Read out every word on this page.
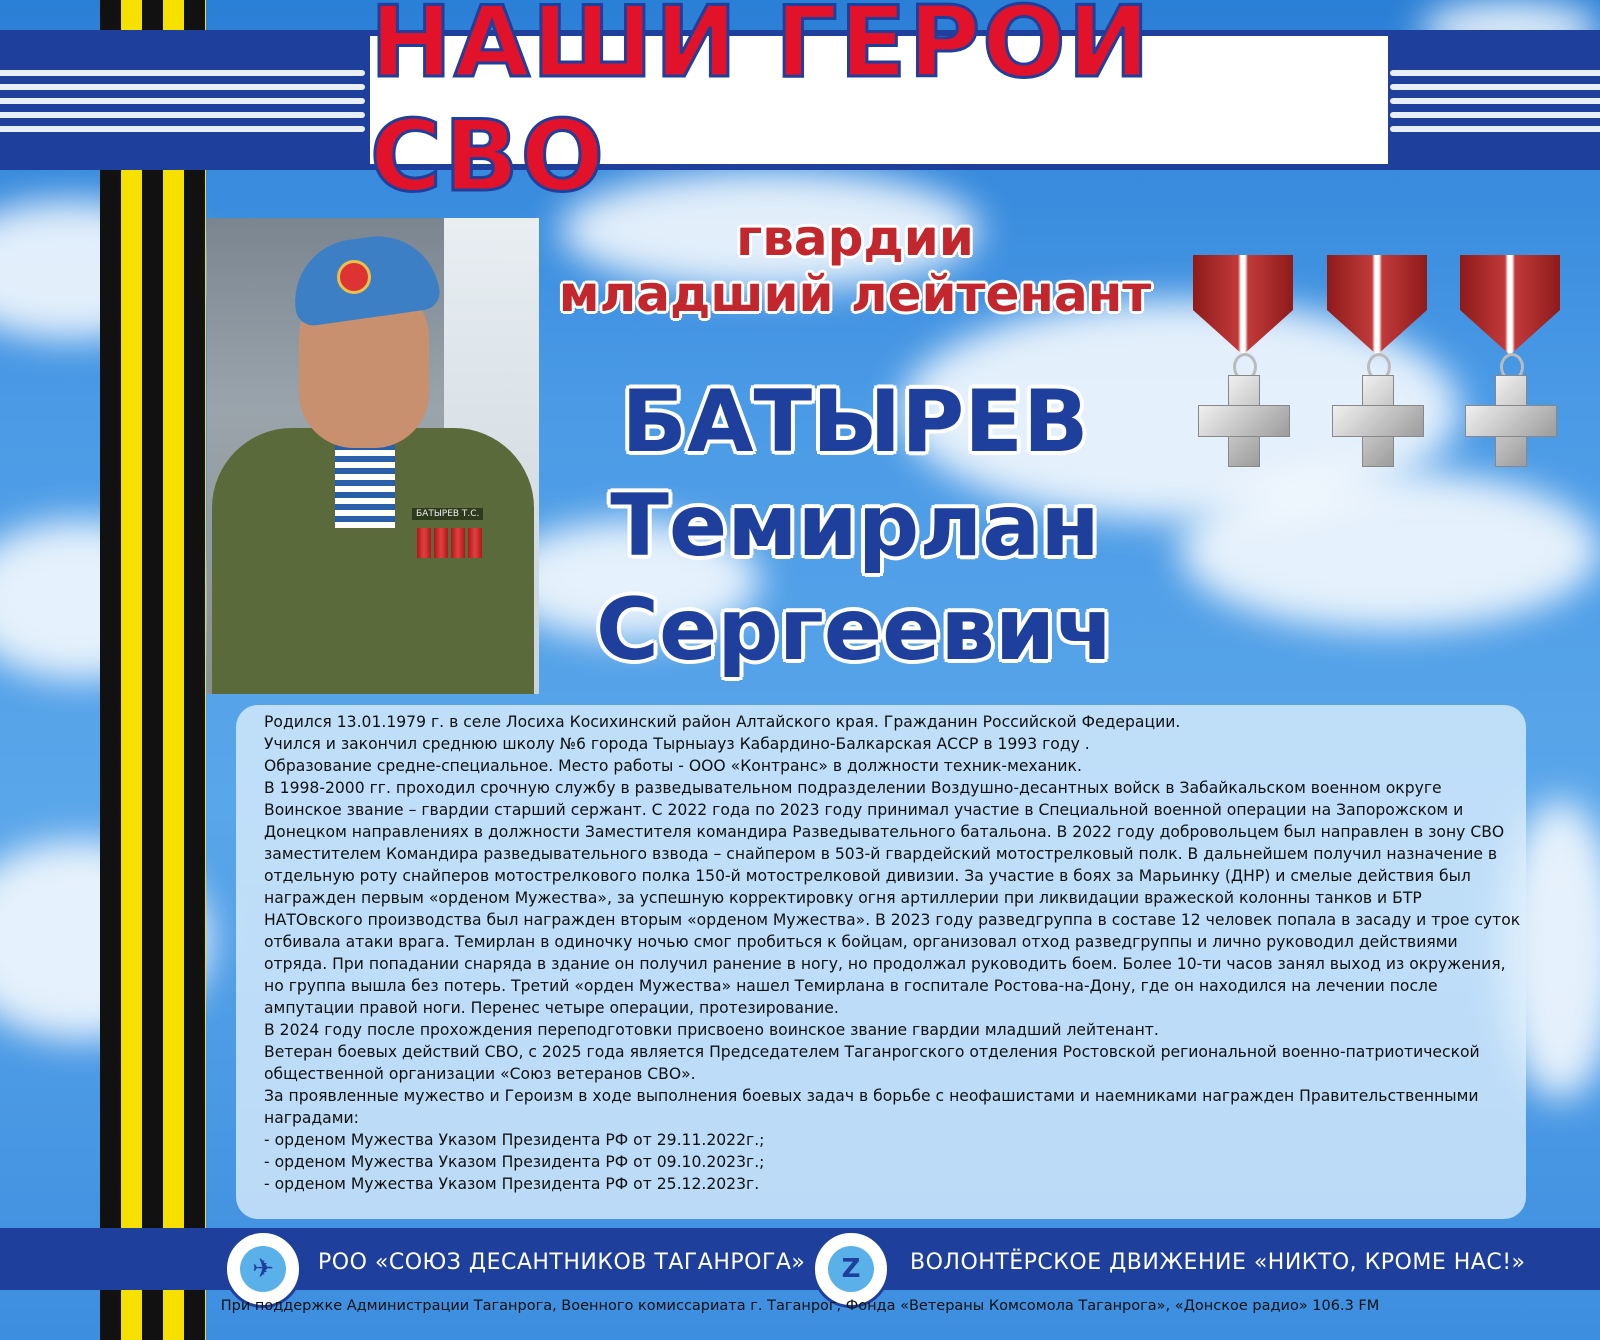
НАШИ ГЕРОИ СВО
БАТЫРЕВ Т.С.
гвардии
младший лейтенант
БАТЫРЕВ
Темирлан
Сергеевич

Родился 13.01.1979 г. в селе Лосиха Косихинский район Алтайского края. Гражданин Российской Федерации.

Учился и закончил среднюю школу №6 города Тырныауз Кабардино-Балкарская АССР в 1993 году .

Образование средне-специальное. Место работы - ООО «Контранс» в должности техник-механик.

В 1998-2000 гг. проходил срочную службу в разведывательном подразделении Воздушно-десантных войск в Забайкальском военном округе Воинское звание – гвардии старший сержант. С 2022 года по 2023 году принимал участие в Специальной военной операции на Запорожском и Донецком направлениях в должности Заместителя командира Разведывательного батальона. В 2022 году добровольцем был направлен в зону СВО заместителем Командира разведывательного взвода – снайпером в 503-й гвардейский мотострелковый полк. В дальнейшем получил назначение в отдельную роту снайперов мотострелкового полка 150-й мотострелковой дивизии. За участие в боях за Марьинку (ДНР) и смелые действия был награжден первым «орденом Мужества», за успешную корректировку огня артиллерии при ликвидации вражеской колонны танков и БТР НАТОвского производства был награжден вторым «орденом Мужества». В 2023 году разведгруппа в составе 12 человек попала в засаду и трое суток отбивала атаки врага. Темирлан в одиночку ночью смог пробиться к бойцам, организовал отход разведгруппы и лично руководил действиями отряда. При попадании снаряда в здание он получил ранение в ногу, но продолжал руководить боем. Более 10-ти часов занял выход из окружения, но группа вышла без потерь. Третий «орден Мужества» нашел Темирлана в госпитале Ростова-на-Дону, где он находился на лечении после ампутации правой ноги. Перенес четыре операции, протезирование.

В 2024 году после прохождения переподготовки присвоено воинское звание гвардии младший лейтенант.

Ветеран боевых действий СВО, с 2025 года является Председателем Таганрогского отделения Ростовской региональной военно-патриотической общественной организации «Союз ветеранов СВО».

За проявленные мужество и Героизм в ходе выполнения боевых задач в борьбе с неофашистами и наемниками награжден Правительственными наградами:

- орденом Мужества Указом Президента РФ от 29.11.2022г.;

- орденом Мужества Указом Президента РФ от 09.10.2023г.;

- орденом Мужества Указом Президента РФ от 25.12.2023г.

✈	РОО «СОЮЗ ДЕСАНТНИКОВ ТАГАНРОГА»	Z	ВОЛОНТЁРСКОЕ ДВИЖЕНИЕ «НИКТО, КРОМЕ НАС!»
При поддержке Администрации Таганрога, Военного комиссариата г. Таганрог, Фонда «Ветераны Комсомола Таганрога», «Донское радио» 106.3 FM
